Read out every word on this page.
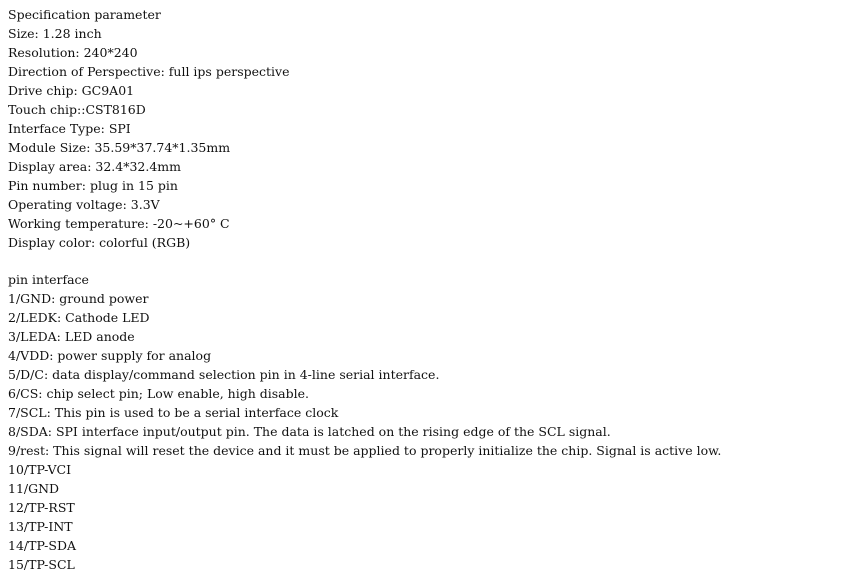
Specification parameter
Size: 1.28 inch
Resolution: 240*240
Direction of Perspective: full ips perspective
Drive chip: GC9A01
Touch chip::CST816D
Interface Type: SPI
Module Size: 35.59*37.74*1.35mm
Display area: 32.4*32.4mm
Pin number: plug in 15 pin
Operating voltage: 3.3V
Working temperature: -20~+60° C
Display color: colorful (RGB)
pin interface
1/GND: ground power
2/LEDK: Cathode LED
3/LEDA: LED anode
4/VDD: power supply for analog
5/D/C: data display/command selection pin in 4-line serial interface.
6/CS: chip select pin; Low enable, high disable.
7/SCL: This pin is used to be a serial interface clock
8/SDA: SPI interface input/output pin. The data is latched on the rising edge of the SCL signal.
9/rest: This signal will reset the device and it must be applied to properly initialize the chip. Signal is active low.
10/TP-VCI
11/GND
12/TP-RST
13/TP-INT
14/TP-SDA
15/TP-SCL
